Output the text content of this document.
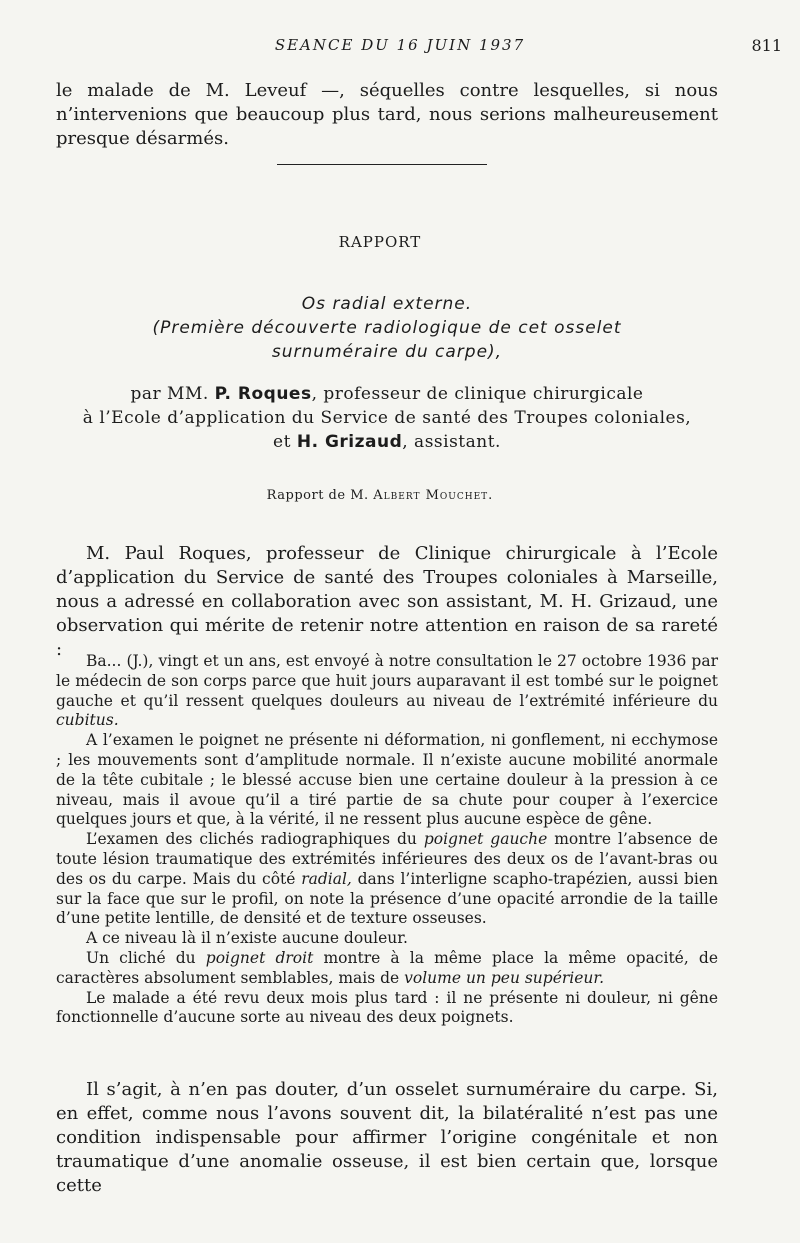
SEANCE DU 16 JUIN 1937	811

le malade de M. Leveuf —, séquelles contre lesquelles, si nous n’intervenions que beaucoup plus tard, nous serions malheureusement presque désarmés.

RAPPORT
Os radial externe.
(Première découverte radiologique de cet osselet
surnuméraire du carpe),
par MM. P. Roques, professeur de clinique chirurgicale
à l’Ecole d’application du Service de santé des Troupes coloniales,
et H. Grizaud, assistant.
Rapport de M. Albert Mouchet.

M. Paul Roques, professeur de Clinique chirurgicale à l’Ecole d’application du Service de santé des Troupes coloniales à Marseille, nous a adressé en collaboration avec son assistant, M. H. Grizaud, une observation qui mérite de retenir notre attention en raison de sa rareté :

Ba... (J.), vingt et un ans, est envoyé à notre consultation le 27 octobre 1936 par le médecin de son corps parce que huit jours auparavant il est tombé sur le poignet gauche et qu’il ressent quelques douleurs au niveau de l’extrémité inférieure du cubitus.

A l’examen le poignet ne présente ni déformation, ni gonflement, ni ecchymose ; les mouvements sont d’amplitude normale. Il n’existe aucune mobilité anormale de la tête cubitale ; le blessé accuse bien une certaine douleur à la pression à ce niveau, mais il avoue qu’il a tiré partie de sa chute pour couper à l’exercice quelques jours et que, à la vérité, il ne ressent plus aucune espèce de gêne.

L’examen des clichés radiographiques du poignet gauche montre l’absence de toute lésion traumatique des extrémités inférieures des deux os de l’avant-bras ou des os du carpe. Mais du côté radial, dans l’interligne scapho-trapézien, aussi bien sur la face que sur le profil, on note la présence d’une opacité arrondie de la taille d’une petite lentille, de densité et de texture osseuses.

A ce niveau là il n’existe aucune douleur.

Un cliché du poignet droit montre à la même place la même opacité, de caractères absolument semblables, mais de volume un peu supérieur.

Le malade a été revu deux mois plus tard : il ne présente ni douleur, ni gêne fonctionnelle d’aucune sorte au niveau des deux poignets.

Il s’agit, à n’en pas douter, d’un osselet surnuméraire du carpe. Si, en effet, comme nous l’avons souvent dit, la bilatéralité n’est pas une condition indispensable pour affirmer l’origine congénitale et non traumatique d’une anomalie osseuse, il est bien certain que, lorsque cette
